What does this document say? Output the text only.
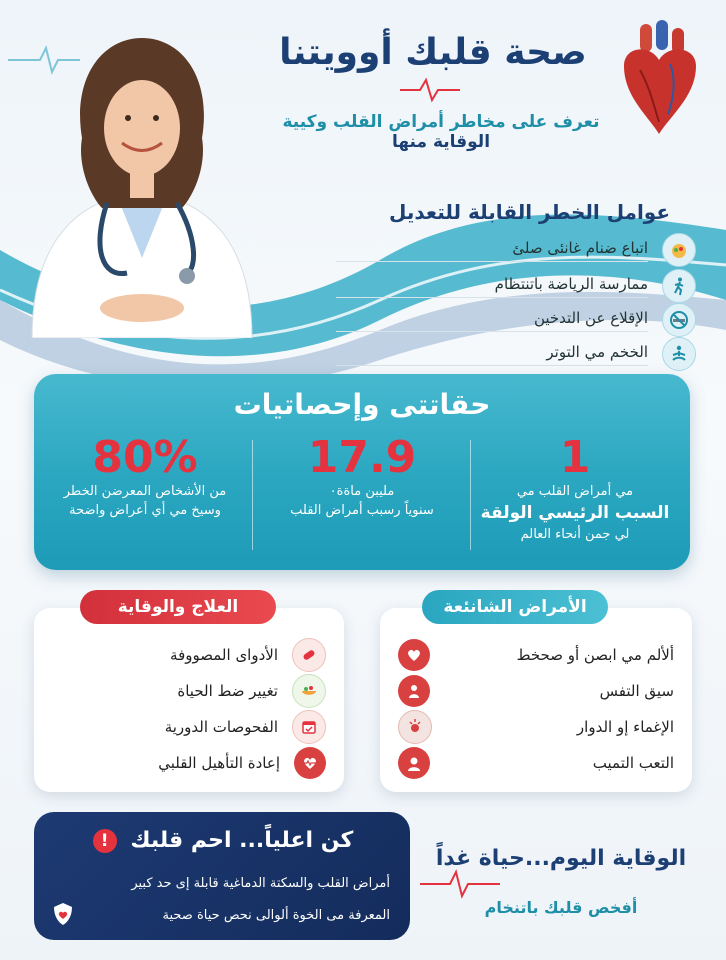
صحة قلبك أوويتنا
تعرف على مخاطر أمراض القلب وكيية الوقاية منها
عوامل الخطر القابلة للتعديل
اتباع ضنام غانئى صلئ
ممارسة الرياضة باتنتظام
الإقلاع عن التدخين
الخخم مي التوتر
حقاتتى وإحصاتيات
1
مي أمراض القلب مي
السبب الرئيسي الولقة
لي جمن أنحاء العالم
17.9
مليبن ماةة٠
سنوياً رسبب أمراض القلب
80%
من الأشخاص المعرضن الخطر
وسيخ مي أي أعراض واضحة
ألألم مي ابصن أو صحخط
سيق التفس
الإغماء إو الدوار
التعب التميب
الأمراض الشانئعة
الأدواى المصووفة
تغيير ضط الحياة
الفحوصات الدورية
إعادة التأهيل القلبي
العلاج والوقاية
كن اعلياً... احم قلبك !
أمراض القلب والسكتة الدماغية قابلة إى حد كبير
المعرفة مى الخوة ألوالى نحص حياة صحية
الوقاية اليوم...حياة غداً
أفخص قلبك باتنخام
